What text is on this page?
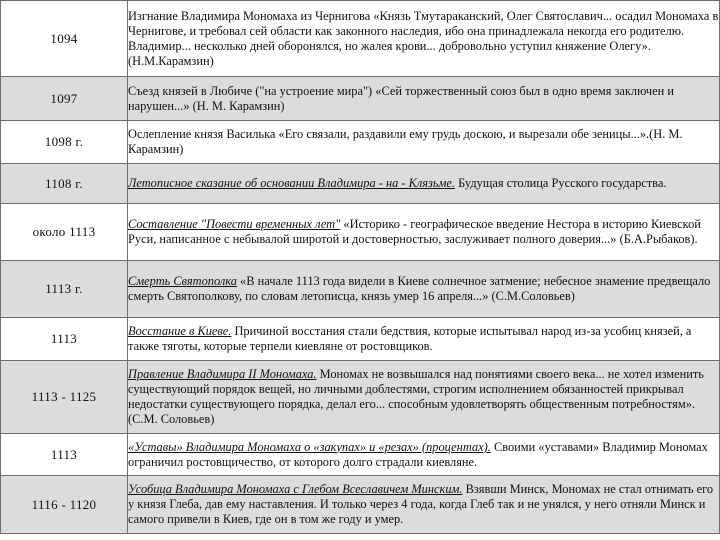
1094	Изгнание Владимира Мономаха из Чернигова «Князь Тмутараканский, Олег Святославич... осадил Мономаха в Чернигове, и требовал сей области как законного наследия, ибо она принадлежала некогда его родителю. Владимир... несколько дней оборонялся, но жалея крови... добровольно уступил княжение Олегу». (Н.М.Карамзин)
1097	Съезд князей в Любиче ("на устроение мира") «Сей торжественный союз был в одно время заключен и нарушен...» (Н. М. Карамзин)
1098 г.	Ослепление князя Василька «Его связали, раздавили ему грудь доскою, и вырезали обе зеницы...».(Н. М. Карамзин)
1108 г.	Летописное сказание об основании Владимира - на - Клязьме. Будущая столица Русского государства.
около 1113	Составление "Повести временных лет" «Историко - географическое введение Нестора в историю Киевской Руси, написанное с небывалой широтой и достоверностью, заслуживает полного доверия...» (Б.А.Рыбаков).
1113 г.	Смерть Святополка «В начале 1113 года видели в Киеве солнечное затмение; небесное знамение предвещало смерть Святополкову, по словам летописца, князь умер 16 апреля...» (С.М.Соловьев)
1113	Восстание в Киеве. Причиной восстания стали бедствия, которые испытывал народ из-за усобиц князей, а также тяготы, которые терпели киевляне от ростовщиков.
1113 - 1125	Правление Владимира II Мономаха. Мономах не возвышался над понятиями своего века... не хотел изменить существующий порядок вещей, но личными доблестями, строгим исполнением обязанностей прикрывал недостатки существующего порядка, делал его... способным удовлетворять общественным потребностям». (С.М. Соловьев)
1113	«Уставы» Владимира Мономаха о «закупах» и «резах» (процентах). Своими «уставами» Владимир Мономах ограничил ростовщичество, от которого долго страдали киевляне.
1116 - 1120	Усобица Владимира Мономаха с Глебом Всеславичем Минским. Взявши Минск, Мономах не стал отнимать его у князя Глеба, дав ему наставления. И только через 4 года, когда Глеб так и не унялся, у него отняли Минск и самого привели в Киев, где он в том же году и умер.
